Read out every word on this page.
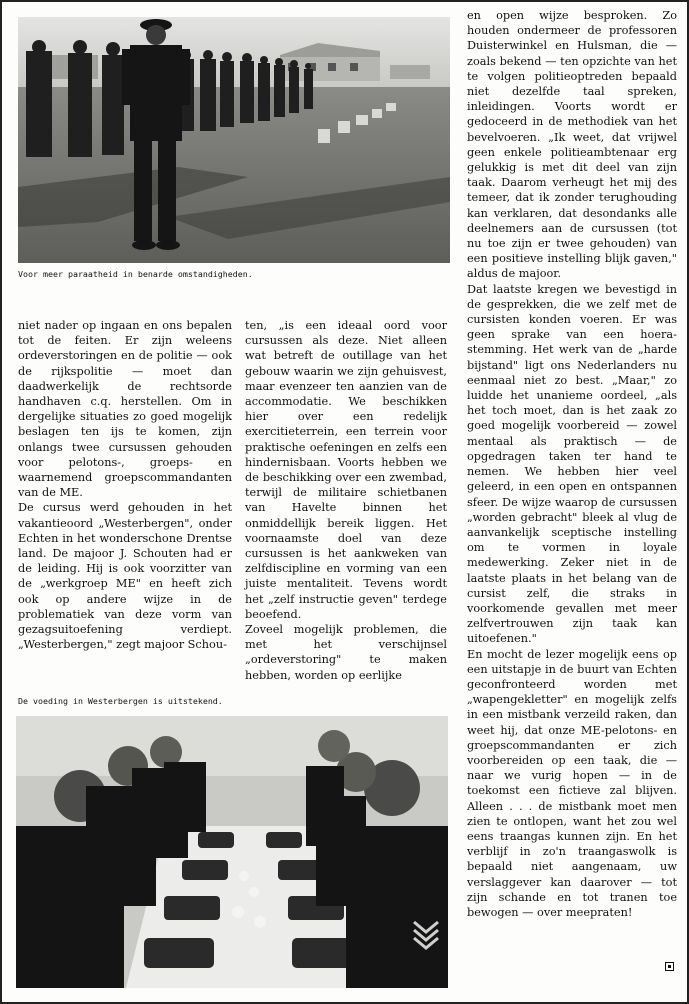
Voor meer paraatheid in benarde omstandigheden.

niet nader op ingaan en ons bepalen tot de feiten. Er zijn weleens ordeverstoringen en de politie — ook de rijkspolitie — moet dan daadwerkelijk de rechtsorde handhaven c.q. herstellen. Om in dergelijke situaties zo goed mogelijk beslagen ten ijs te komen, zijn onlangs twee cursussen gehouden voor pelotons-, groeps- en waarnemend groepscommandanten van de ME.

De cursus werd gehouden in het vakantieoord „Westerbergen", onder Echten in het wonderschone Drentse land. De majoor J. Schouten had er de leiding. Hij is ook voorzitter van de „werkgroep ME" en heeft zich ook op andere wijze in de problematiek van deze vorm van gezagsuitoefening verdiept. „Westerbergen," zegt majoor Schou-

ten, „is een ideaal oord voor cursussen als deze. Niet alleen wat betreft de outillage van het gebouw waarin we zijn gehuisvest, maar evenzeer ten aanzien van de accommodatie. We beschikken hier over een redelijk exercitieterrein, een terrein voor praktische oefeningen en zelfs een hindernisbaan. Voorts hebben we de beschikking over een zwembad, terwijl de militaire schietbanen van Havelte binnen het onmiddellijk bereik liggen. Het voornaamste doel van deze cursussen is het aankweken van zelfdiscipline en vorming van een juiste mentaliteit. Tevens wordt het „zelf instructie geven" terdege beoefend.

Zoveel mogelijk problemen, die met het verschijnsel „ordeverstoring" te maken hebben, worden op eerlijke

en open wijze besproken. Zo houden ondermeer de professoren Duisterwinkel en Hulsman, die — zoals bekend — ten opzichte van het te volgen politieoptreden bepaald niet dezelfde taal spreken, inleidingen. Voorts wordt er gedoceerd in de methodiek van het bevelvoeren. „Ik weet, dat vrijwel geen enkele politieambtenaar erg gelukkig is met dit deel van zijn taak. Daarom verheugt het mij des temeer, dat ik zonder terughouding kan verklaren, dat desondanks alle deelnemers aan de cursussen (tot nu toe zijn er twee gehouden) van een positieve instelling blijk gaven," aldus de majoor.

Dat laatste kregen we bevestigd in de gesprekken, die we zelf met de cursisten konden voeren. Er was geen sprake van een hoera-stemming. Het werk van de „harde bijstand" ligt ons Nederlanders nu eenmaal niet zo best. „Maar," zo luidde het unanieme oordeel, „als het toch moet, dan is het zaak zo goed mogelijk voorbereid — zowel mentaal als praktisch — de opgedragen taken ter hand te nemen. We hebben hier veel geleerd, in een open en ontspannen sfeer. De wijze waarop de cursussen „worden gebracht" bleek al vlug de aanvankelijk sceptische instelling om te vormen in loyale medewerking. Zeker niet in de laatste plaats in het belang van de cursist zelf, die straks in voorkomende gevallen met meer zelfvertrouwen zijn taak kan uitoefenen."

En mocht de lezer mogelijk eens op een uitstapje in de buurt van Echten geconfronteerd worden met „wapengekletter" en mogelijk zelfs in een mistbank verzeild raken, dan weet hij, dat onze ME-pelotons- en groepscommandanten er zich voorbereiden op een taak, die — naar we vurig hopen — in de toekomst een fictieve zal blijven. Alleen . . . de mistbank moet men zien te ontlopen, want het zou wel eens traangas kunnen zijn. En het verblijf in zo'n traangaswolk is bepaald niet aangenaam, uw verslaggever kan daarover — tot zijn schande en tot tranen toe bewogen — over meepraten!

De voeding in Westerbergen is uitstekend.
